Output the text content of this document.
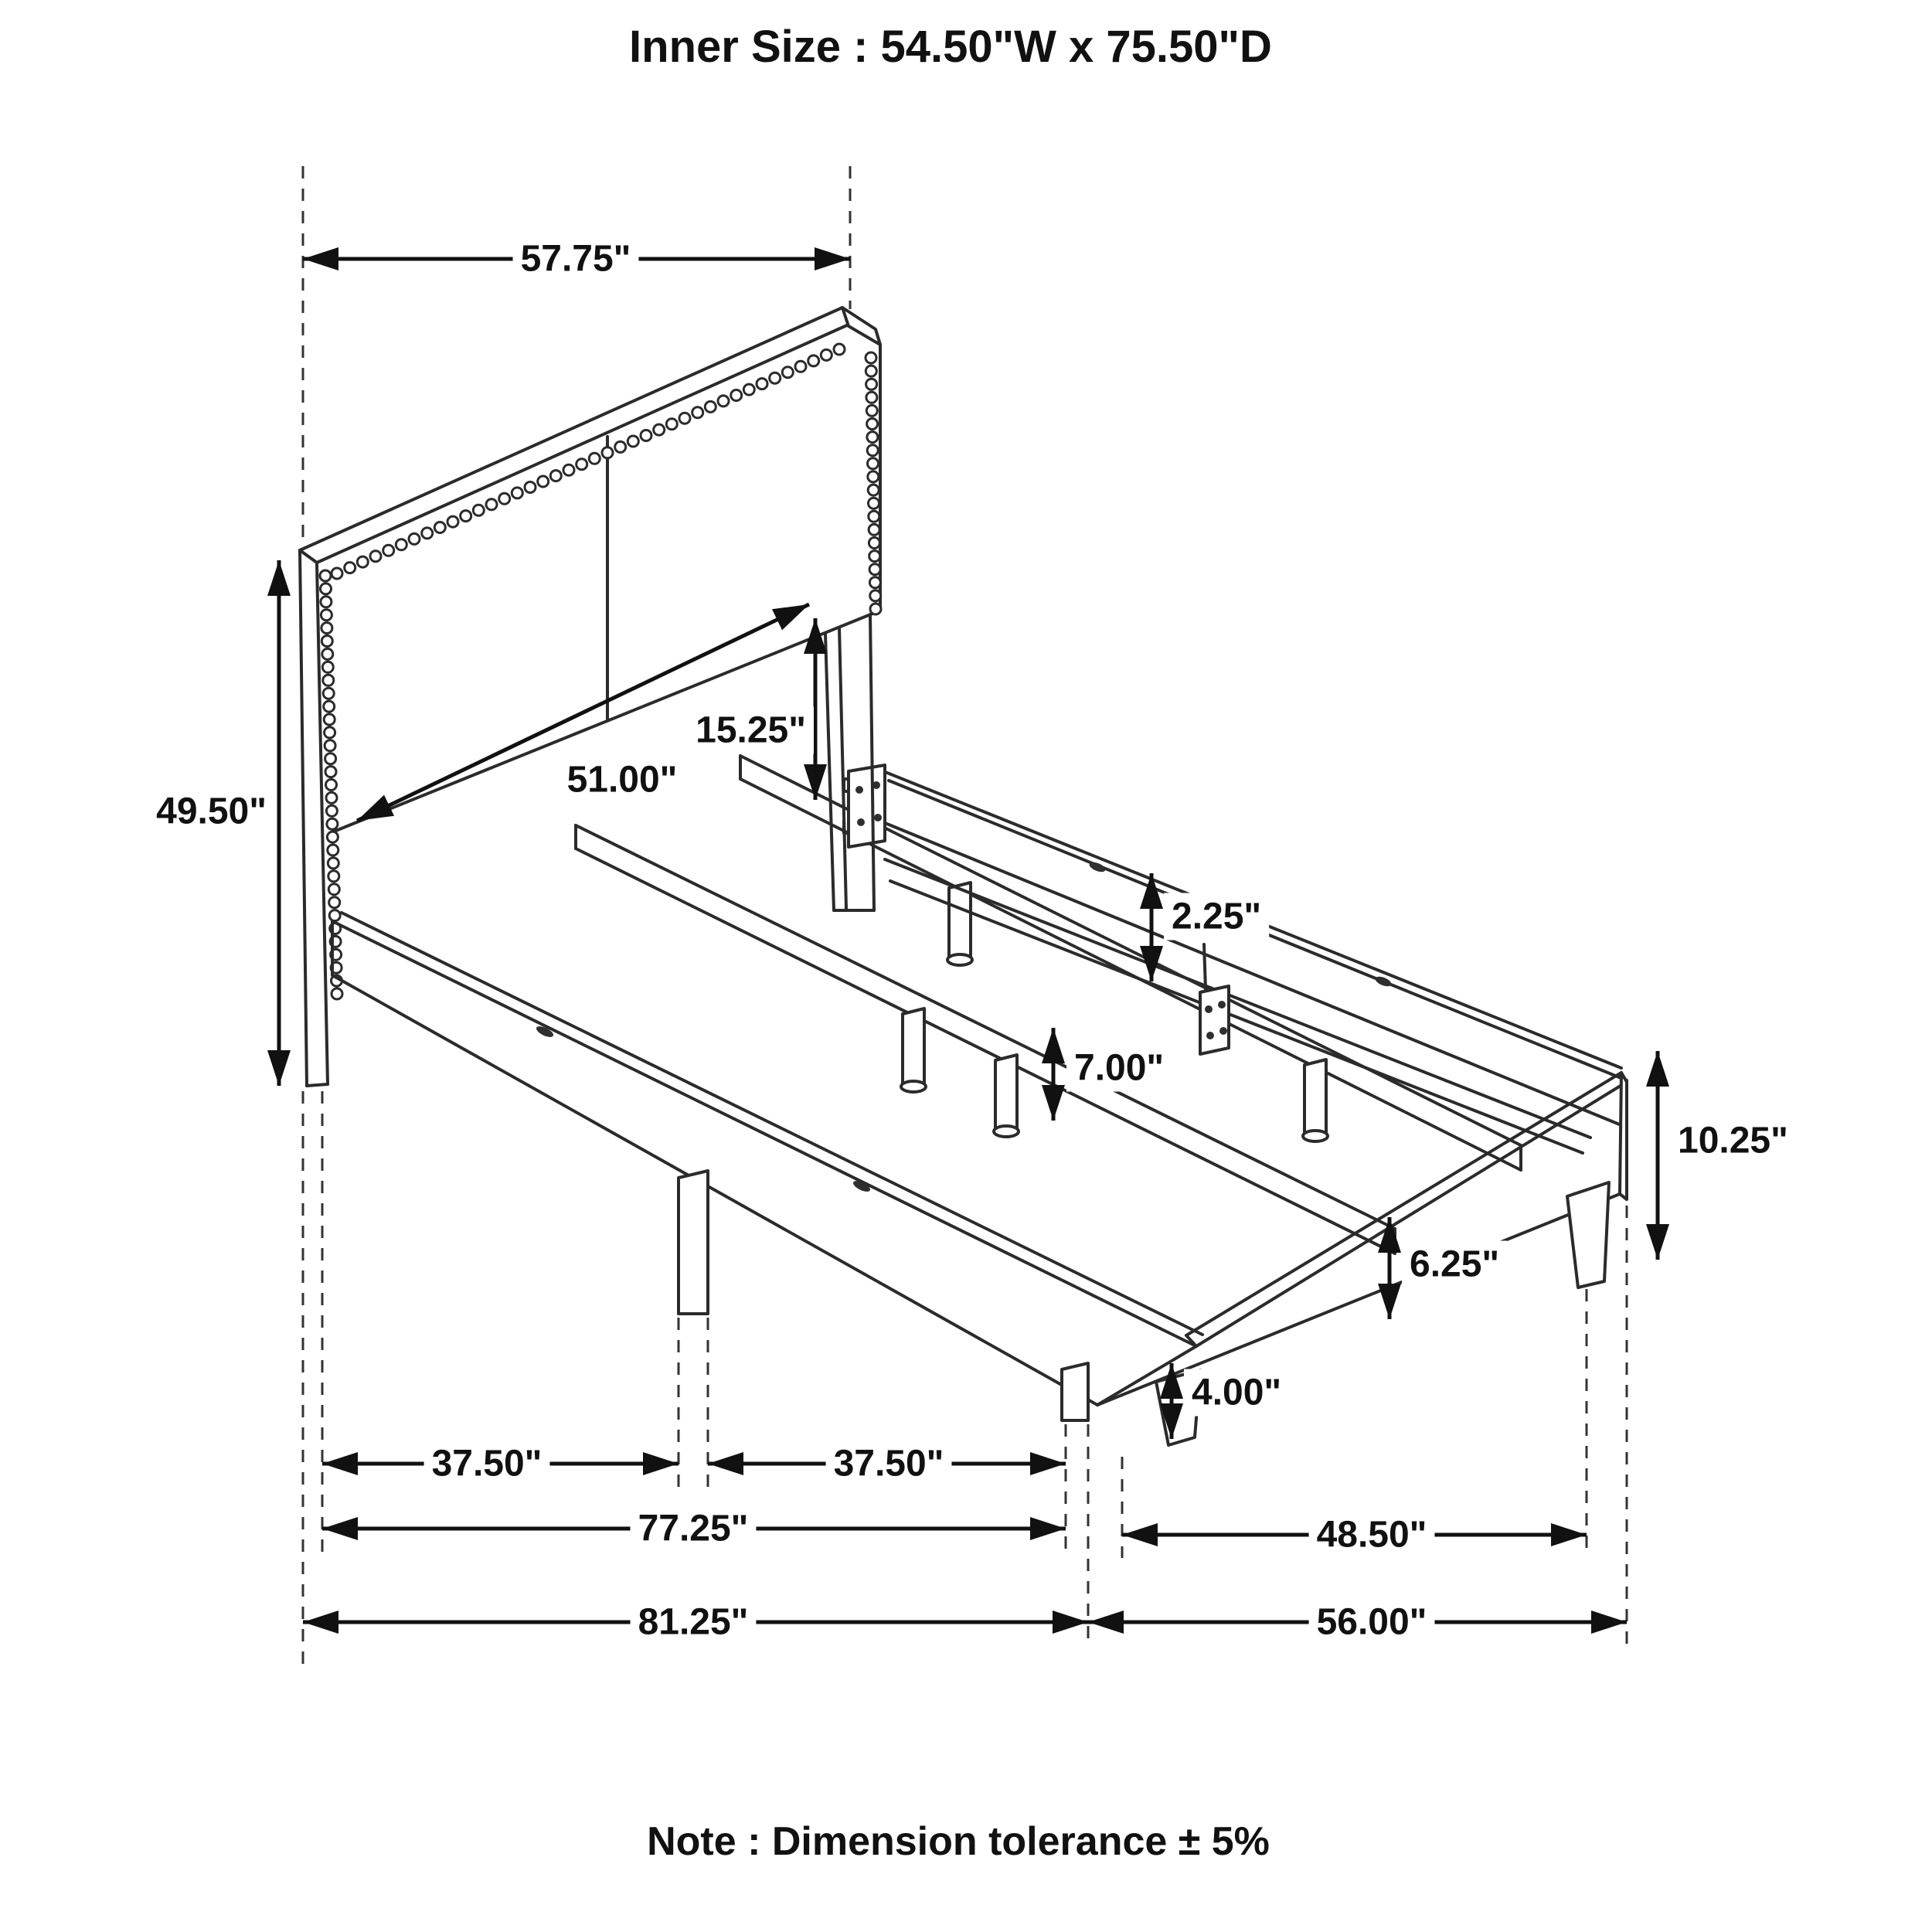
Inner Size : 54.50"W x 75.50"D
57.75"
49.50"
51.00"
15.25"
2.25"
7.00"
6.25"
10.25"
4.00"
37.50"	37.50"
77.25"	48.50"
81.25"	56.00"
Note : Dimension tolerance ± 5%
